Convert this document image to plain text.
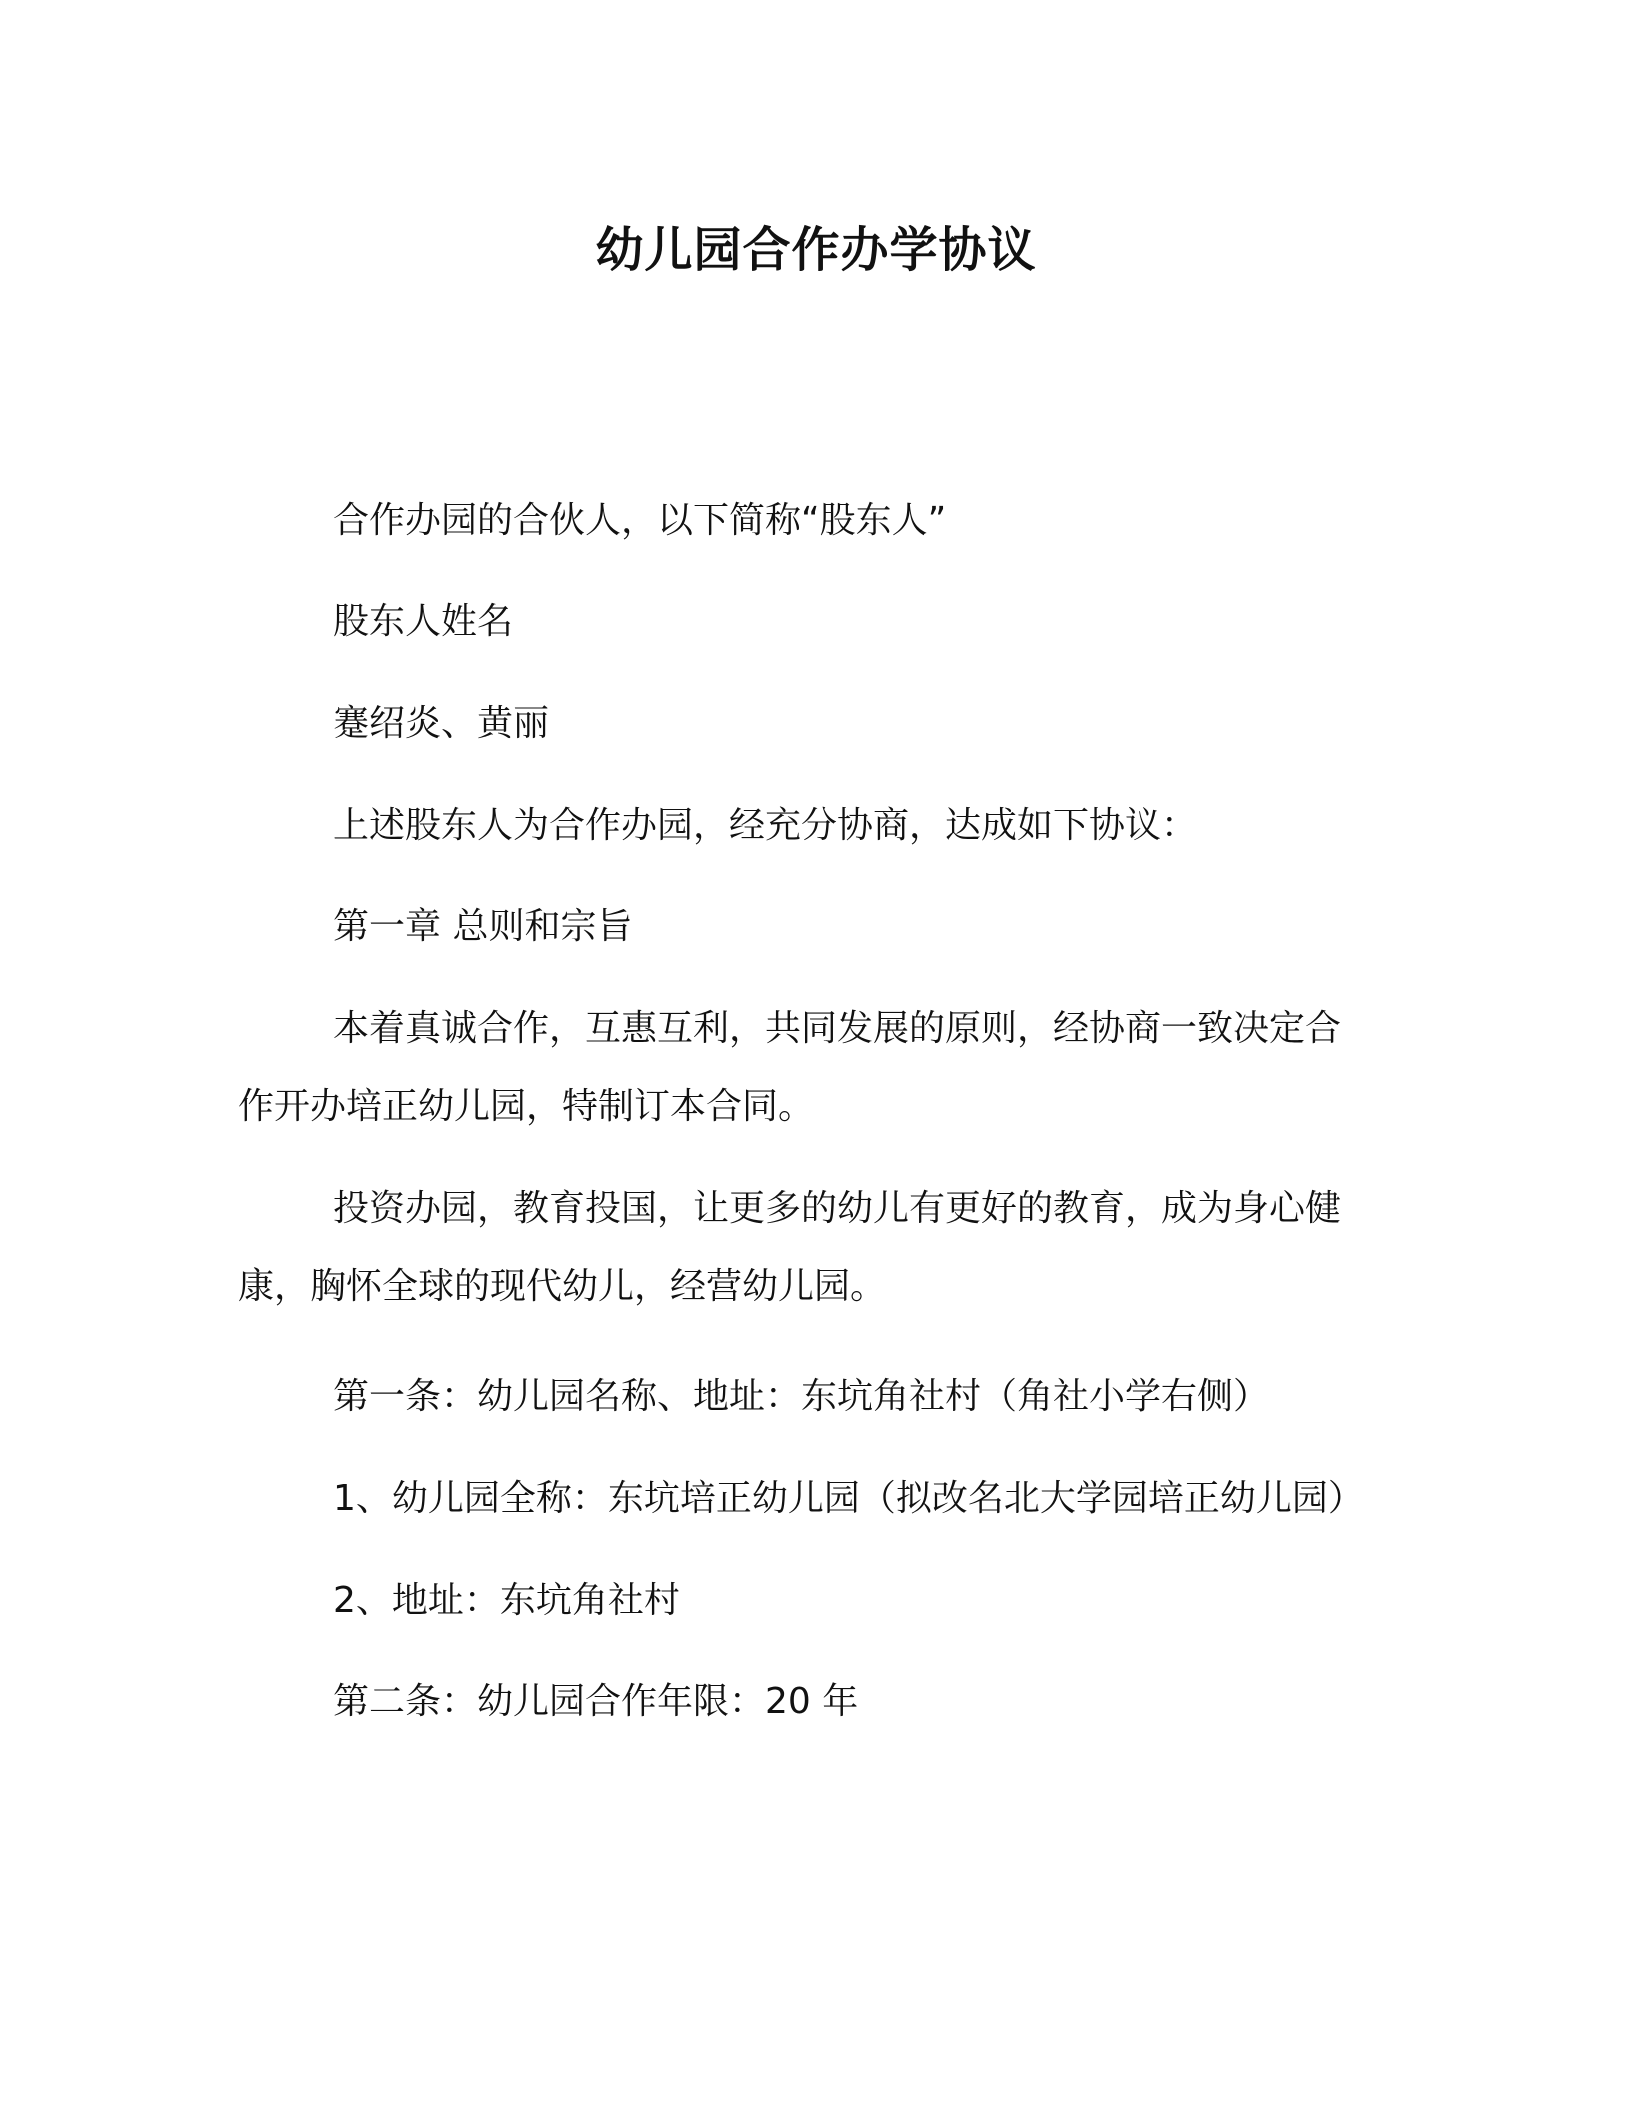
幼儿园合作办学协议
合作办园的合伙人，以下简称“股东人”
股东人姓名
蹇绍炎、黄丽
上述股东人为合作办园，经充分协商，达成如下协议：
第一章 总则和宗旨
本着真诚合作，互惠互利，共同发展的原则，经协商一致决定合
作开办培正幼儿园，特制订本合同。
投资办园，教育投国，让更多的幼儿有更好的教育，成为身心健
康，胸怀全球的现代幼儿，经营幼儿园。
第一条：幼儿园名称、地址：东坑角社村（角社小学右侧）
1、幼儿园全称：东坑培正幼儿园（拟改名北大学园培正幼儿园）
2、地址：东坑角社村
第二条：幼儿园合作年限：20 年
